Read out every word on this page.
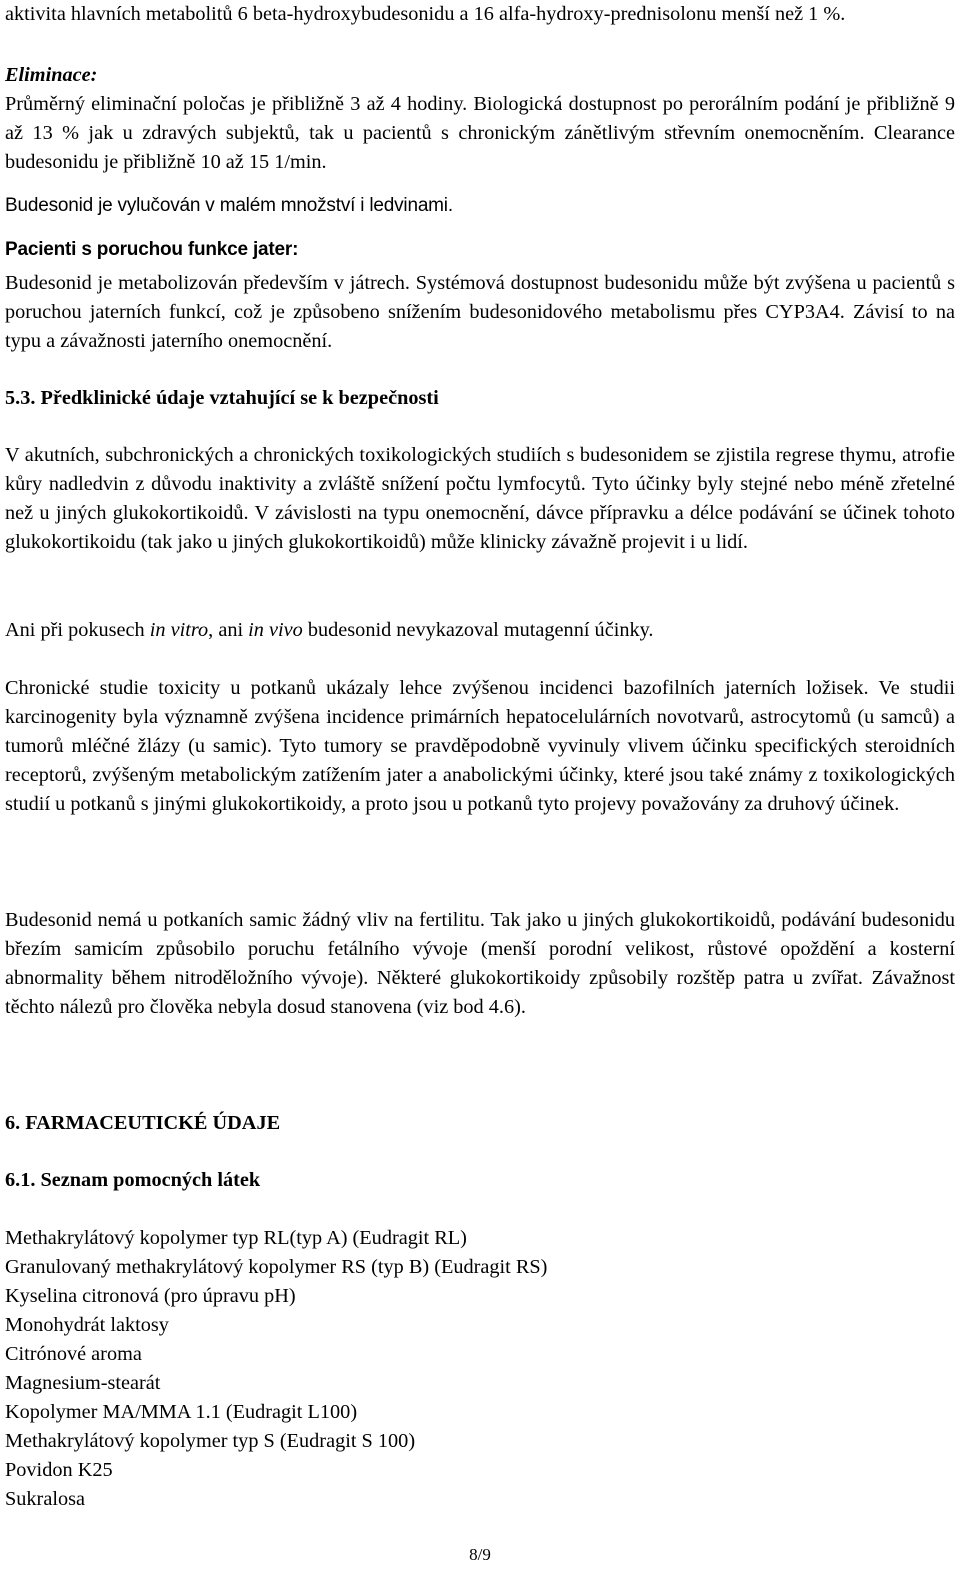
aktivita hlavních metabolitů 6 beta-hydroxybudesonidu a 16 alfa-hydroxy-prednisolonu menší než 1 %.

Eliminace:

Průměrný eliminační poločas je přibližně 3 až 4 hodiny. Biologická dostupnost po perorálním podání je přibližně 9 až 13 % jak u zdravých subjektů, tak u pacientů s chronickým zánětlivým střevním onemocněním. Clearance budesonidu je přibližně 10 až 15 1/min.

Budesonid je vylučován v malém množství i ledvinami.

Pacienti s poruchou funkce jater:

Budesonid je metabolizován především v játrech. Systémová dostupnost budesonidu může být zvýšena u pacientů s poruchou jaterních funkcí, což je způsobeno snížením budesonidového metabolismu přes CYP3A4. Závisí to na typu a závažnosti jaterního onemocnění.

5.3. Předklinické údaje vztahující se k bezpečnosti

V akutních, subchronických a chronických toxikologických studiích s budesonidem se zjistila regrese thymu, atrofie kůry nadledvin z důvodu inaktivity a zvláště snížení počtu lymfocytů. Tyto účinky byly stejné nebo méně zřetelné než u jiných glukokortikoidů. V závislosti na typu onemocnění, dávce přípravku a délce podávání se účinek tohoto glukokortikoidu (tak jako u jiných glukokortikoidů) může klinicky závažně projevit i u lidí.

Ani při pokusech in vitro, ani in vivo budesonid nevykazoval mutagenní účinky.

Chronické studie toxicity u potkanů ukázaly lehce zvýšenou incidenci bazofilních jaterních ložisek. Ve studii karcinogenity byla významně zvýšena incidence primárních hepatocelulárních novotvarů, astrocytomů (u samců) a tumorů mléčné žlázy (u samic). Tyto tumory se pravděpodobně vyvinuly vlivem účinku specifických steroidních receptorů, zvýšeným metabolickým zatížením jater a anabolickými účinky, které jsou také známy z toxikologických studií u potkanů s jinými glukokortikoidy, a proto jsou u potkanů tyto projevy považovány za druhový účinek.

Budesonid nemá u potkaních samic žádný vliv na fertilitu. Tak jako u jiných glukokortikoidů, podávání budesonidu březím samicím způsobilo poruchu fetálního vývoje (menší porodní velikost, růstové opoždění a kosterní abnormality během nitroděložního vývoje). Některé glukokortikoidy způsobily rozštěp patra u zvířat. Závažnost těchto nálezů pro člověka nebyla dosud stanovena (viz bod 4.6).

6. FARMACEUTICKÉ ÚDAJE
6.1. Seznam pomocných látek
Methakrylátový kopolymer typ RL(typ A) (Eudragit RL)
Granulovaný methakrylátový kopolymer RS (typ B) (Eudragit RS)
Kyselina citronová (pro úpravu pH)
Monohydrát laktosy
Citrónové aroma
Magnesium-stearát
Kopolymer MA/MMA 1.1 (Eudragit L100)
Methakrylátový kopolymer typ S (Eudragit S 100)
Povidon K25
Sukralosa
8/9
